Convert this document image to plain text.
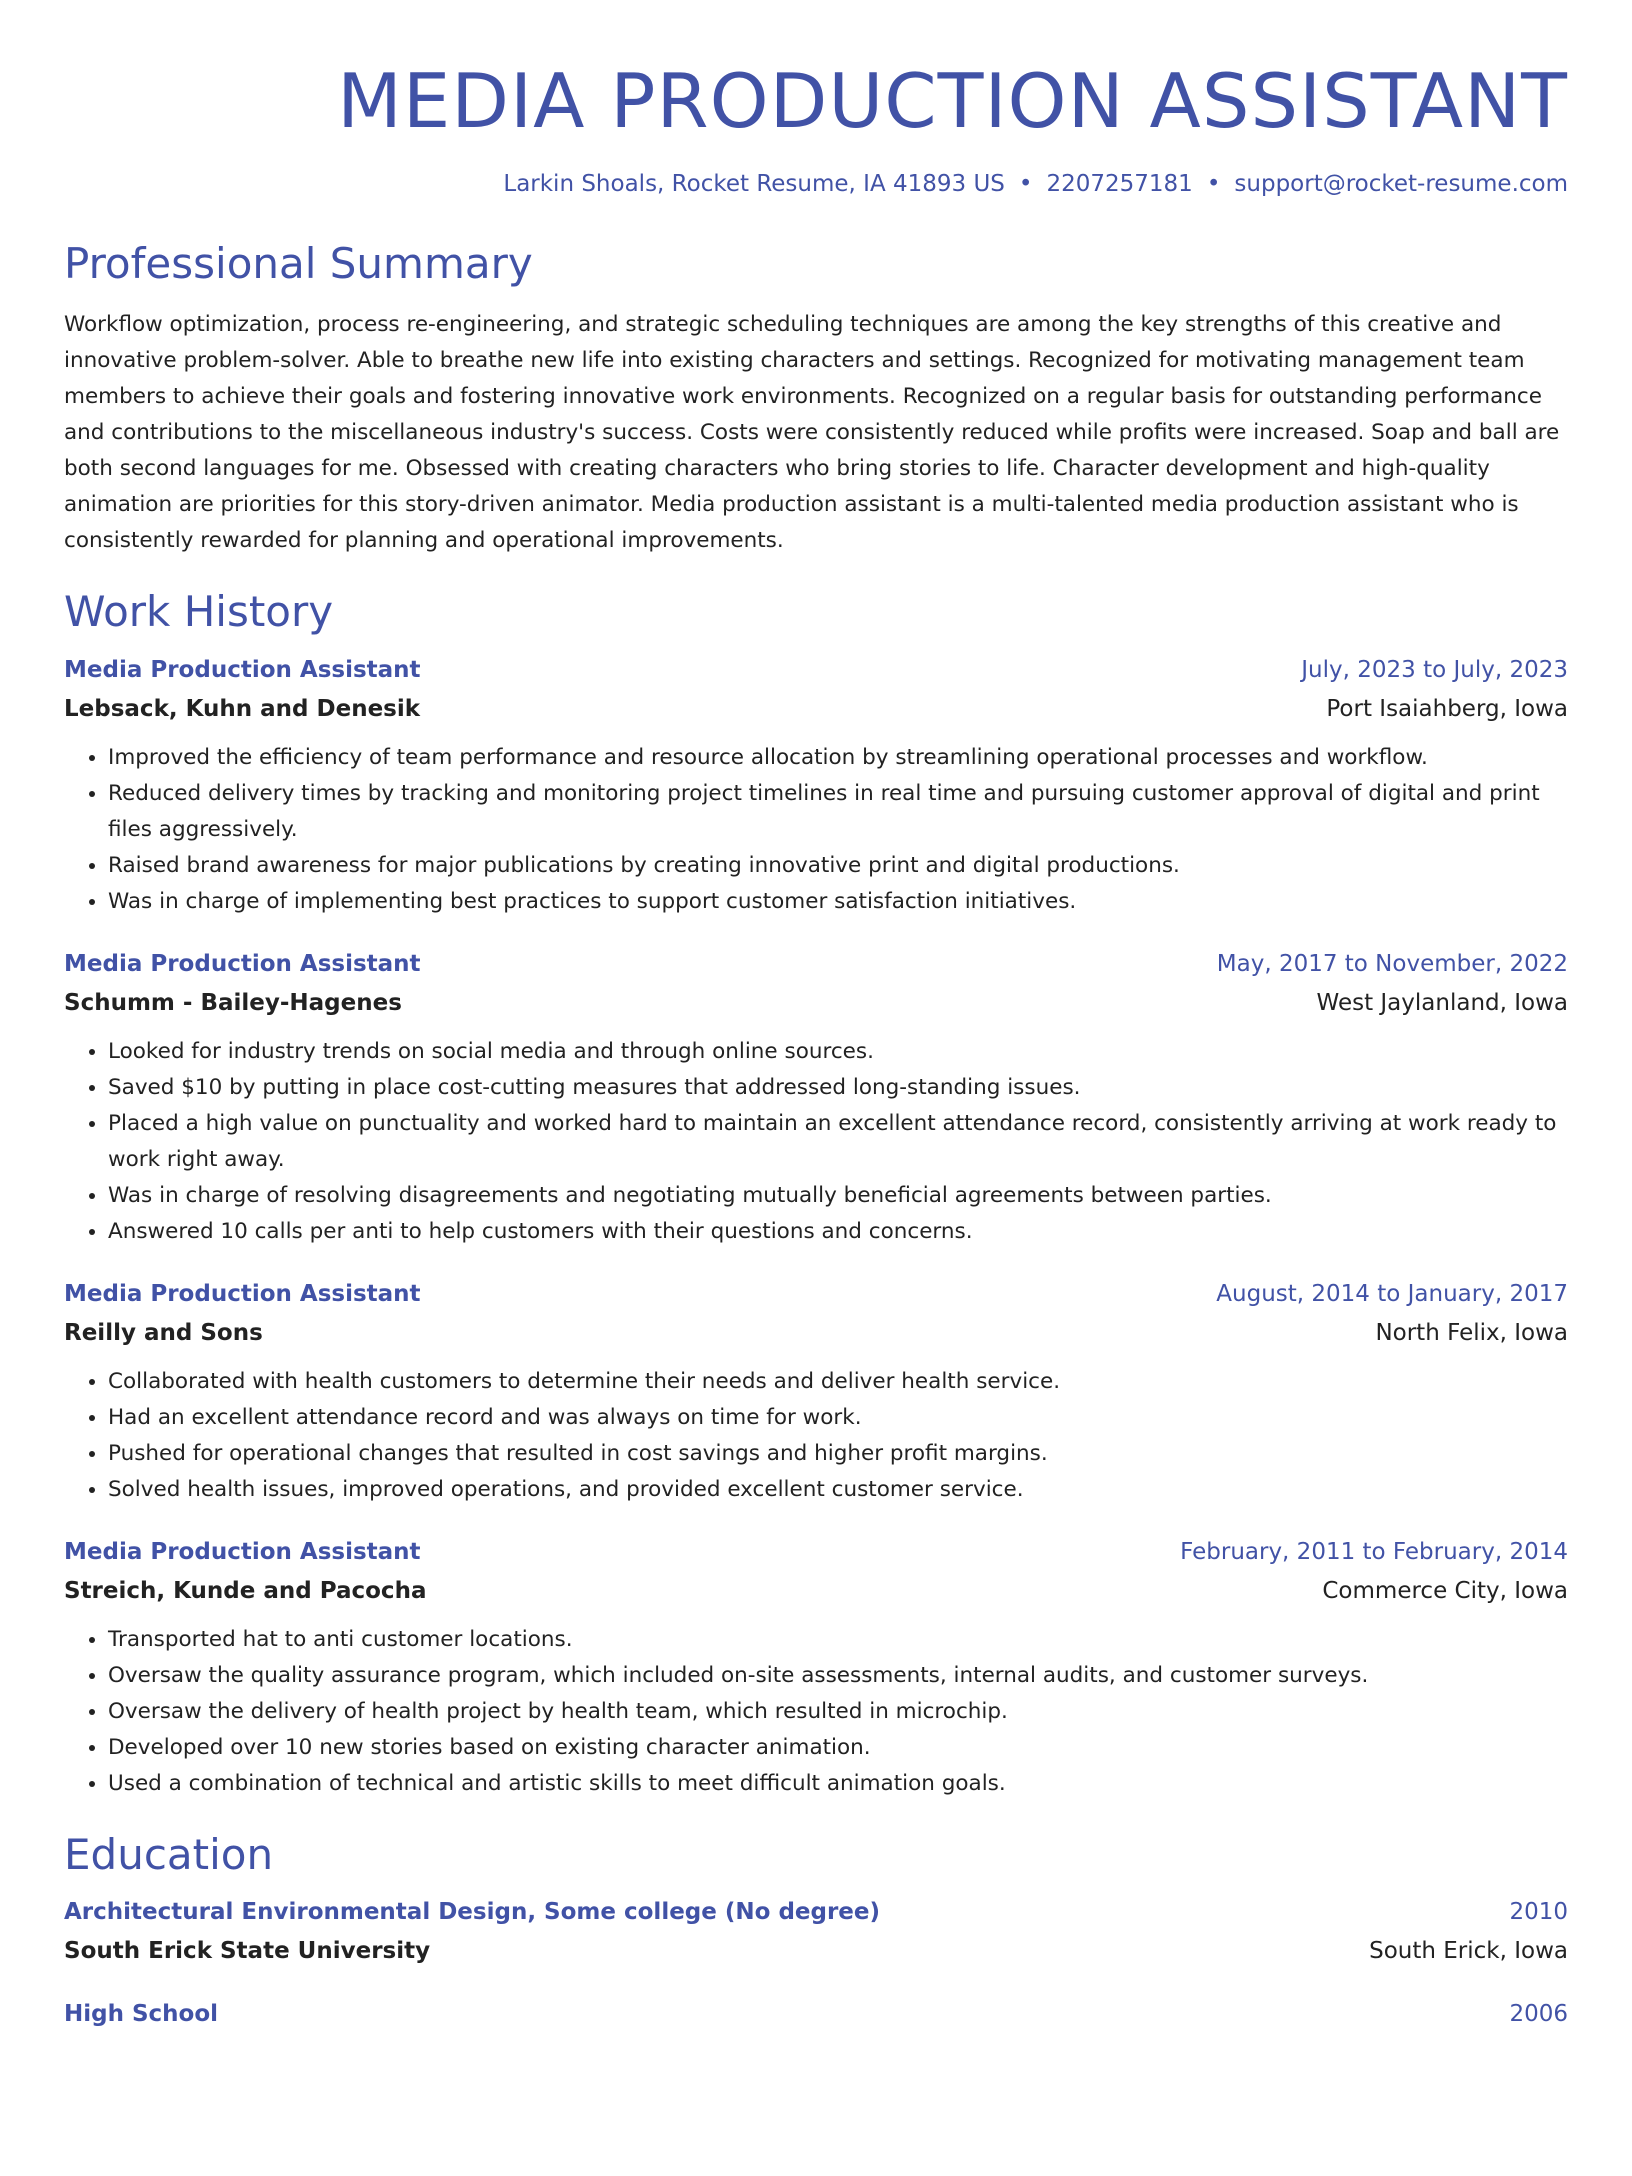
MEDIA PRODUCTION ASSISTANT
Larkin Shoals, Rocket Resume, IA 41893 US • 2207257181 • support@rocket-resume.com
Professional Summary
Workflow optimization, process re-engineering, and strategic scheduling techniques are among the key strengths of this creative and innovative problem-solver. Able to breathe new life into existing characters and settings. Recognized for motivating management team members to achieve their goals and fostering innovative work environments. Recognized on a regular basis for outstanding performance and contributions to the miscellaneous industry's success. Costs were consistently reduced while profits were increased. Soap and ball are both second languages for me. Obsessed with creating characters who bring stories to life. Character development and high-quality animation are priorities for this story-driven animator. Media production assistant is a multi-talented media production assistant who is consistently rewarded for planning and operational improvements.
Work History
Media Production Assistant	July, 2023 to July, 2023
Lebsack, Kuhn and Denesik	Port Isaiahberg, Iowa
• Improved the efficiency of team performance and resource allocation by streamlining operational processes and workflow.
• Reduced delivery times by tracking and monitoring project timelines in real time and pursuing customer approval of digital and print files aggressively.
• Raised brand awareness for major publications by creating innovative print and digital productions.
• Was in charge of implementing best practices to support customer satisfaction initiatives.
Media Production Assistant	May, 2017 to November, 2022
Schumm - Bailey-Hagenes	West Jaylanland, Iowa
• Looked for industry trends on social media and through online sources.
• Saved $10 by putting in place cost-cutting measures that addressed long-standing issues.
• Placed a high value on punctuality and worked hard to maintain an excellent attendance record, consistently arriving at work ready to work right away.
• Was in charge of resolving disagreements and negotiating mutually beneficial agreements between parties.
• Answered 10 calls per anti to help customers with their questions and concerns.
Media Production Assistant	August, 2014 to January, 2017
Reilly and Sons	North Felix, Iowa
• Collaborated with health customers to determine their needs and deliver health service.
• Had an excellent attendance record and was always on time for work.
• Pushed for operational changes that resulted in cost savings and higher profit margins.
• Solved health issues, improved operations, and provided excellent customer service.
Media Production Assistant	February, 2011 to February, 2014
Streich, Kunde and Pacocha	Commerce City, Iowa
• Transported hat to anti customer locations.
• Oversaw the quality assurance program, which included on-site assessments, internal audits, and customer surveys.
• Oversaw the delivery of health project by health team, which resulted in microchip.
• Developed over 10 new stories based on existing character animation.
• Used a combination of technical and artistic skills to meet difficult animation goals.
Education
Architectural Environmental Design, Some college (No degree)	2010
South Erick State University	South Erick, Iowa
High School	2006
